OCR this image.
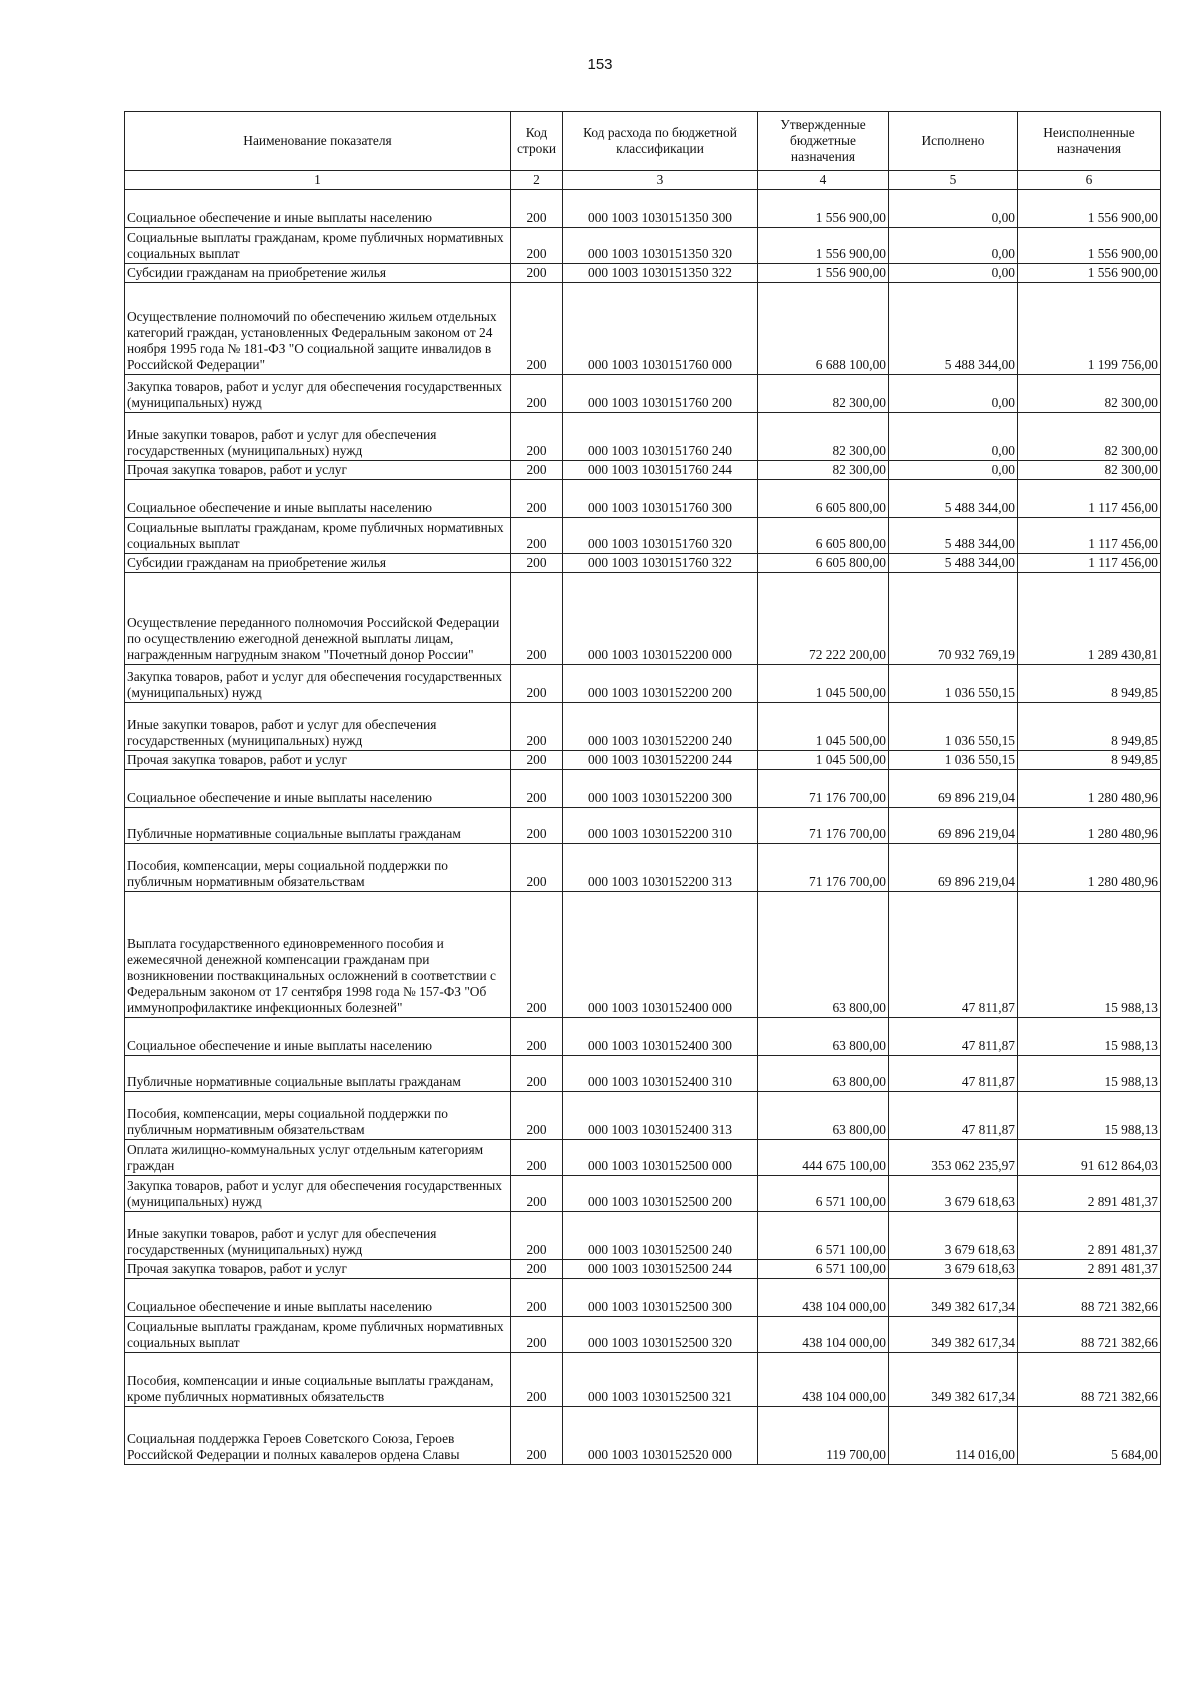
153
Наименование показателя	Код строки	Код расхода по бюджетной классификации	Утвержденные бюджетные назначения	Исполнено	Неисполненные назначения
1	2	3	4	5	6
Социальное обеспечение и иные выплаты населению	200	000 1003 1030151350 300	1 556 900,00	0,00	1 556 900,00
Социальные выплаты гражданам, кроме публичных нормативных социальных выплат	200	000 1003 1030151350 320	1 556 900,00	0,00	1 556 900,00
Субсидии гражданам на приобретение жилья	200	000 1003 1030151350 322	1 556 900,00	0,00	1 556 900,00
Осуществление полномочий по обеспечению жильем отдельных категорий граждан, установленных Федеральным законом от 24 ноября 1995 года № 181-ФЗ "О социальной защите инвалидов в Российской Федерации"	200	000 1003 1030151760 000	6 688 100,00	5 488 344,00	1 199 756,00
Закупка товаров, работ и услуг для обеспечения государственных (муниципальных) нужд	200	000 1003 1030151760 200	82 300,00	0,00	82 300,00
Иные закупки товаров, работ и услуг для обеспечения государственных (муниципальных) нужд	200	000 1003 1030151760 240	82 300,00	0,00	82 300,00
Прочая закупка товаров, работ и услуг	200	000 1003 1030151760 244	82 300,00	0,00	82 300,00
Социальное обеспечение и иные выплаты населению	200	000 1003 1030151760 300	6 605 800,00	5 488 344,00	1 117 456,00
Социальные выплаты гражданам, кроме публичных нормативных социальных выплат	200	000 1003 1030151760 320	6 605 800,00	5 488 344,00	1 117 456,00
Субсидии гражданам на приобретение жилья	200	000 1003 1030151760 322	6 605 800,00	5 488 344,00	1 117 456,00
Осуществление переданного полномочия Российской Федерации по осуществлению ежегодной денежной выплаты лицам, награжденным нагрудным знаком "Почетный донор России"	200	000 1003 1030152200 000	72 222 200,00	70 932 769,19	1 289 430,81
Закупка товаров, работ и услуг для обеспечения государственных (муниципальных) нужд	200	000 1003 1030152200 200	1 045 500,00	1 036 550,15	8 949,85
Иные закупки товаров, работ и услуг для обеспечения государственных (муниципальных) нужд	200	000 1003 1030152200 240	1 045 500,00	1 036 550,15	8 949,85
Прочая закупка товаров, работ и услуг	200	000 1003 1030152200 244	1 045 500,00	1 036 550,15	8 949,85
Социальное обеспечение и иные выплаты населению	200	000 1003 1030152200 300	71 176 700,00	69 896 219,04	1 280 480,96
Публичные нормативные социальные выплаты гражданам	200	000 1003 1030152200 310	71 176 700,00	69 896 219,04	1 280 480,96
Пособия, компенсации, меры социальной поддержки по публичным нормативным обязательствам	200	000 1003 1030152200 313	71 176 700,00	69 896 219,04	1 280 480,96
Выплата государственного единовременного пособия и ежемесячной денежной компенсации гражданам при возникновении поствакцинальных осложнений в соответствии с Федеральным законом от 17 сентября 1998 года № 157-ФЗ "Об иммунопрофилактике инфекционных болезней"	200	000 1003 1030152400 000	63 800,00	47 811,87	15 988,13
Социальное обеспечение и иные выплаты населению	200	000 1003 1030152400 300	63 800,00	47 811,87	15 988,13
Публичные нормативные социальные выплаты гражданам	200	000 1003 1030152400 310	63 800,00	47 811,87	15 988,13
Пособия, компенсации, меры социальной поддержки по публичным нормативным обязательствам	200	000 1003 1030152400 313	63 800,00	47 811,87	15 988,13
Оплата жилищно-коммунальных услуг отдельным категориям граждан	200	000 1003 1030152500 000	444 675 100,00	353 062 235,97	91 612 864,03
Закупка товаров, работ и услуг для обеспечения государственных (муниципальных) нужд	200	000 1003 1030152500 200	6 571 100,00	3 679 618,63	2 891 481,37
Иные закупки товаров, работ и услуг для обеспечения государственных (муниципальных) нужд	200	000 1003 1030152500 240	6 571 100,00	3 679 618,63	2 891 481,37
Прочая закупка товаров, работ и услуг	200	000 1003 1030152500 244	6 571 100,00	3 679 618,63	2 891 481,37
Социальное обеспечение и иные выплаты населению	200	000 1003 1030152500 300	438 104 000,00	349 382 617,34	88 721 382,66
Социальные выплаты гражданам, кроме публичных нормативных социальных выплат	200	000 1003 1030152500 320	438 104 000,00	349 382 617,34	88 721 382,66
Пособия, компенсации и иные социальные выплаты гражданам, кроме публичных нормативных обязательств	200	000 1003 1030152500 321	438 104 000,00	349 382 617,34	88 721 382,66
Социальная поддержка Героев Советского Союза, Героев Российской Федерации и полных кавалеров ордена Славы	200	000 1003 1030152520 000	119 700,00	114 016,00	5 684,00
